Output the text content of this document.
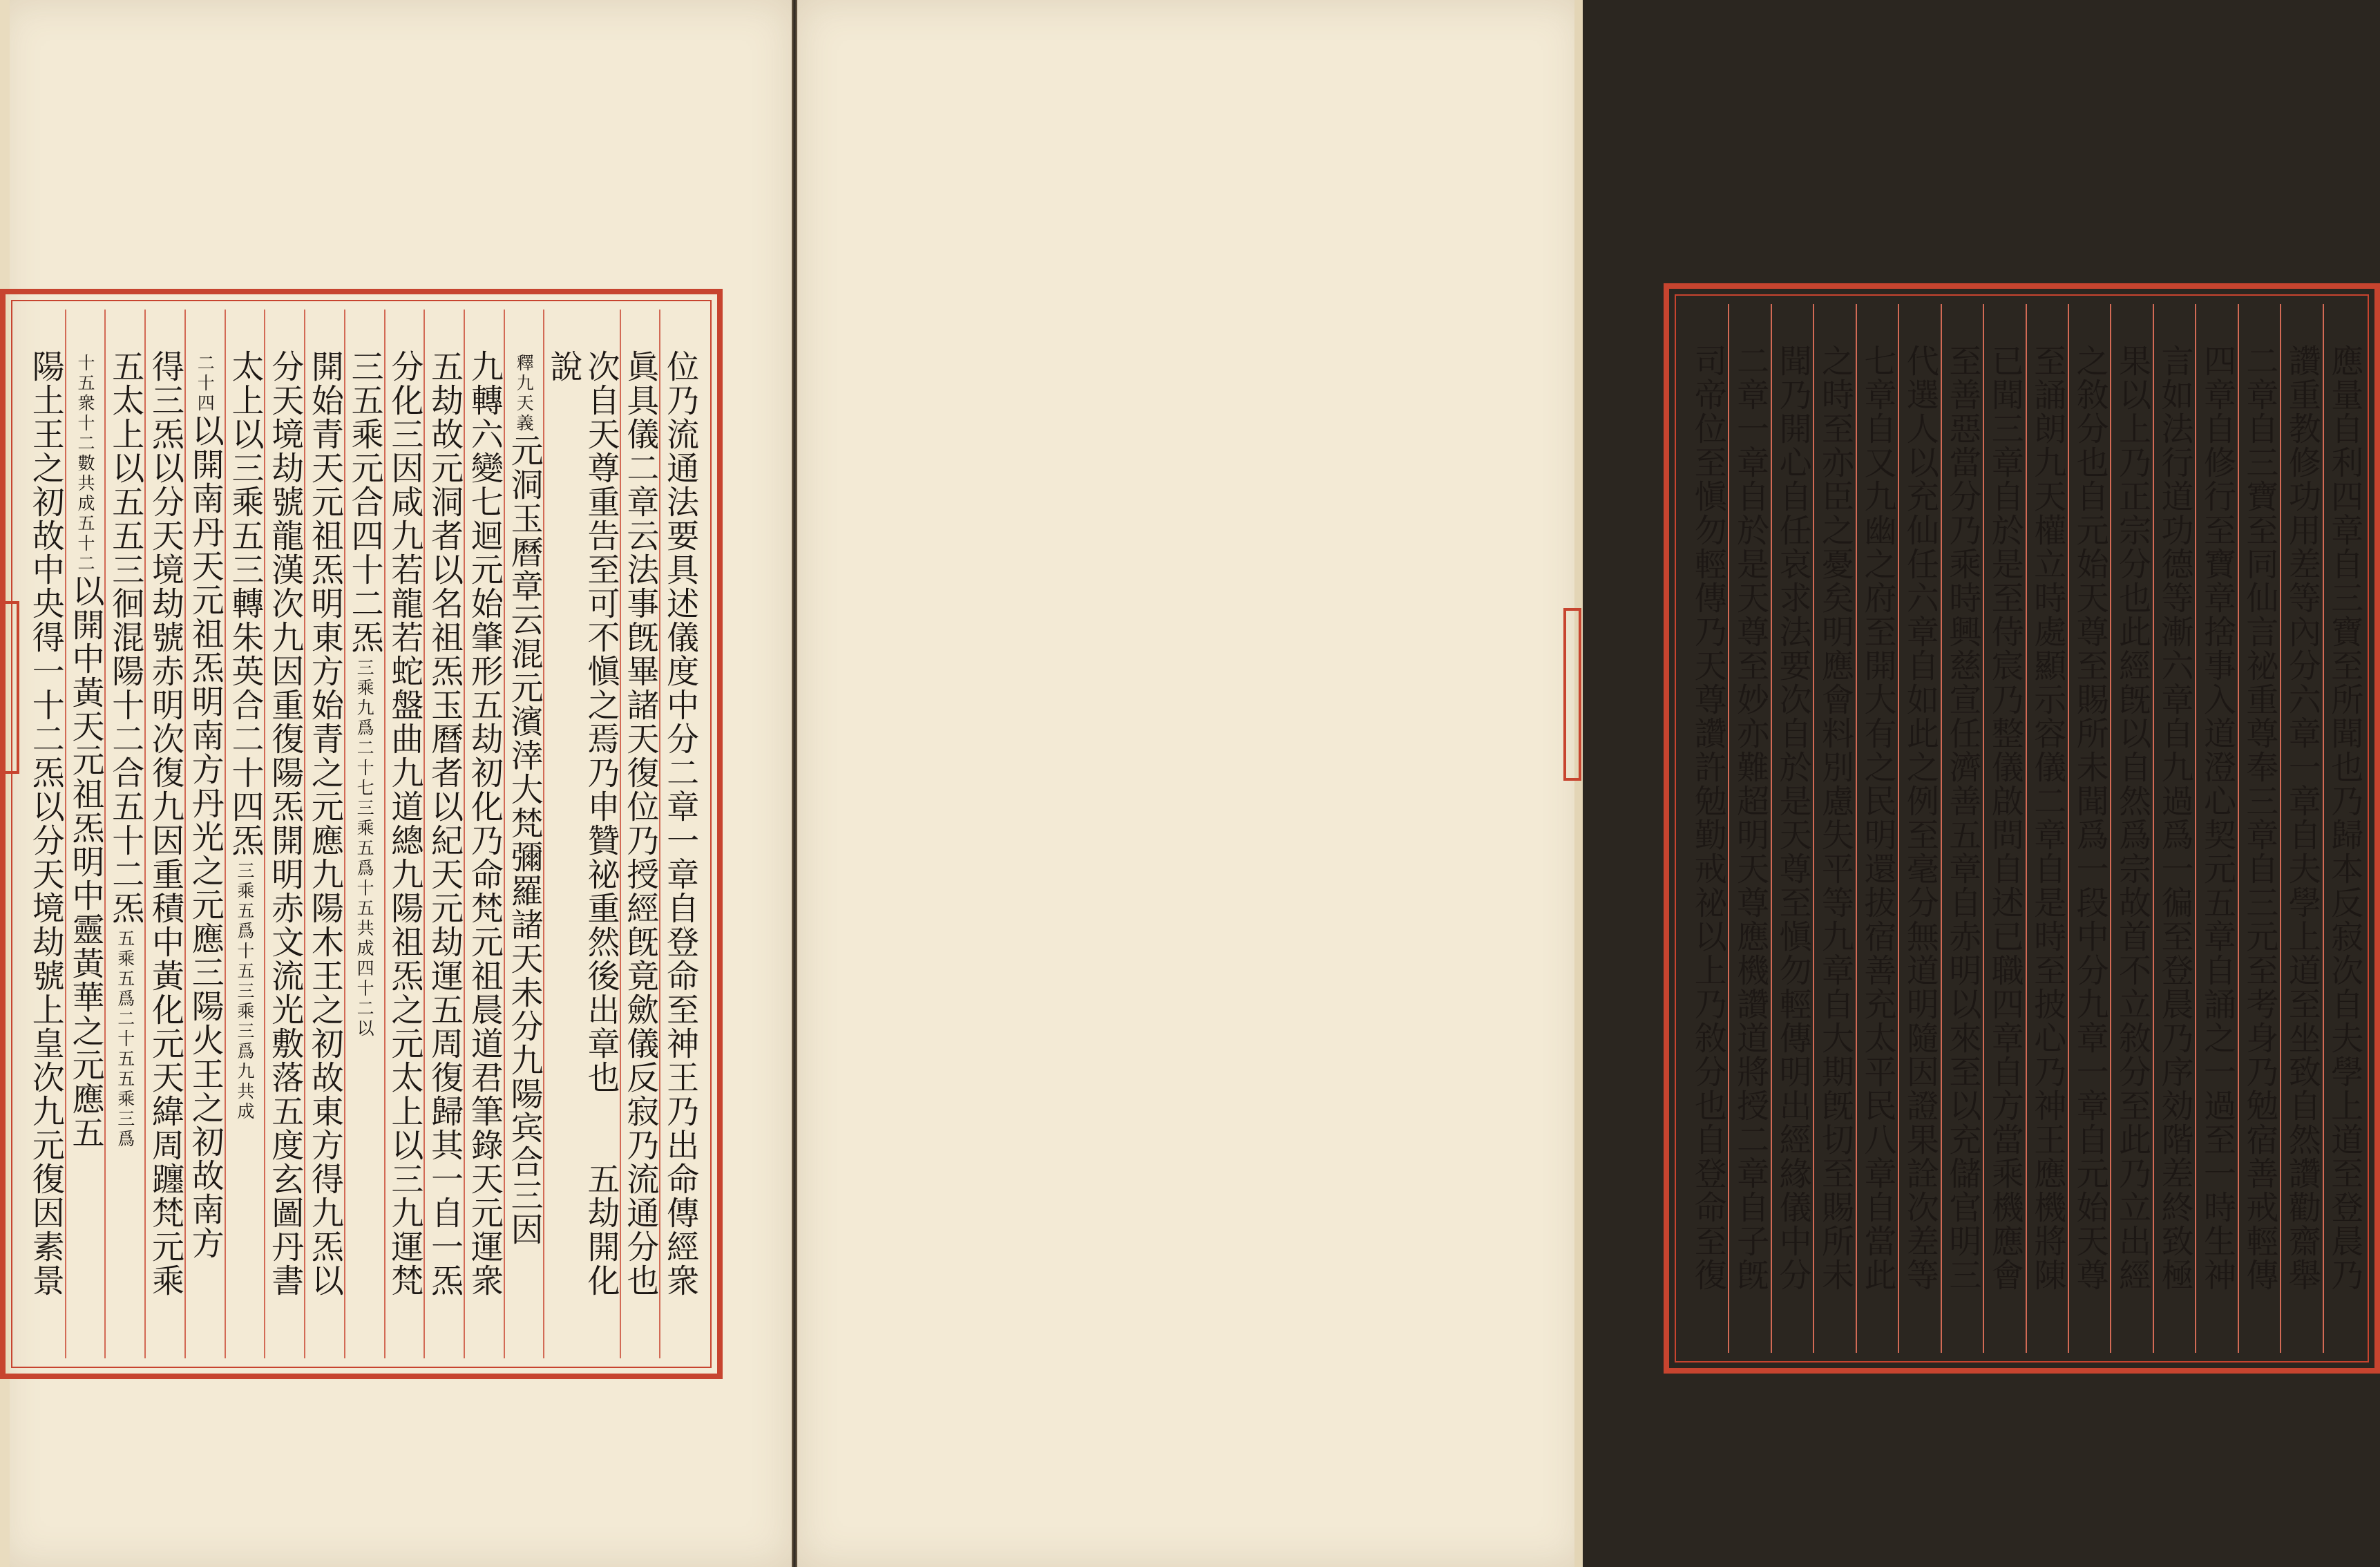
位乃流通法要具述儀度中分二章一章自登命至神王乃出命傳經衆
眞具儀二章云法事旣畢諸天復位乃授經旣竟歛儀反寂乃流通分也
次自天尊重告至可不愼之焉乃申贊祕重然後出章也　　五劫開化說
釋九天義
元洞玉曆章云混元濱涬大梵彌羅諸天未分九陽宾合三因
九轉六變七迴元始肇形五劫初化乃命梵元祖晨道君筆錄天元運衆
五劫故元洞者以名祖炁玉曆者以紀天元劫運五周復歸其一自一炁
分化三因咸九若龍若蛇盤曲九道總九陽祖炁之元太上以三九運梵
三五乘元合四十二炁
三乘九爲二十七三乘五爲十五共成四十二以
開始青天元祖炁明東方始青之元應九陽木王之初故東方得九炁以
分天境劫號龍漢次九因重復陽炁開明赤文流光敷落五度玄圖丹書
太上以三乘五三轉朱英合二十四炁
三乘五爲十五三乘三爲九共成
二十四
以開南丹天元祖炁明南方丹光之元應三陽火王之初故南方
得三炁以分天境劫號赤明次復九因重積中黃化元天緯周躔梵元乘
五太上以五五三徊混陽十二合五十二炁
五乘五爲二十五五乘三爲
十五衆十二數共成五十二
以開中黃天元祖炁明中靈黃華之元應五
陽土王之初故中央得一十二炁以分天境劫號上皇次九元復因素景	應量自利四章自三寶至所聞也乃歸本反寂次自夫學上道至登晨乃
讚重教修功用差等內分六章一章自夫學上道至坐致自然讚勸齋舉
二章自三寶至同仙言祕重尊奉三章自三元至考身乃勉宿善戒輕傳
四章自修行至寶章捨事入道澄心契元五章自誦之一過至一時生神
言如法行道功德等漸六章自九過爲一徧至登晨乃序効階差終致極
果以上乃正宗分也此經旣以自然爲宗故首不立敘分至此乃立出經
之敘分也自元始天尊至賜所未聞爲一段中分九章一章自元始天尊
至誦朗九天權立時處顯示容儀二章自是時至披心乃神王應機將陳
已聞三章自於是至侍宸乃整儀啟問自述已職四章自方當乘機應會
至善惡當分乃乘時興慈宣任濟善五章自赤明以來至以充儲官明三
代選人以充仙任六章自如此之例至毫分無道明隨因證果詮次差等
七章自又九幽之府至開大有之民明還拔宿善充太平民八章自當此
之時至亦臣之憂矣明應會料別慮失平等九章自大期旣切至賜所未
聞乃開心自任哀求法要次自於是天尊至愼勿輕傳明出經緣儀中分
二章一章自於是天尊至妙亦難超明天尊應機讚道將授二章自子旣
司帝位至愼勿輕傳乃天尊讚許勉勤戒祕以上乃敘分也自登命至復
